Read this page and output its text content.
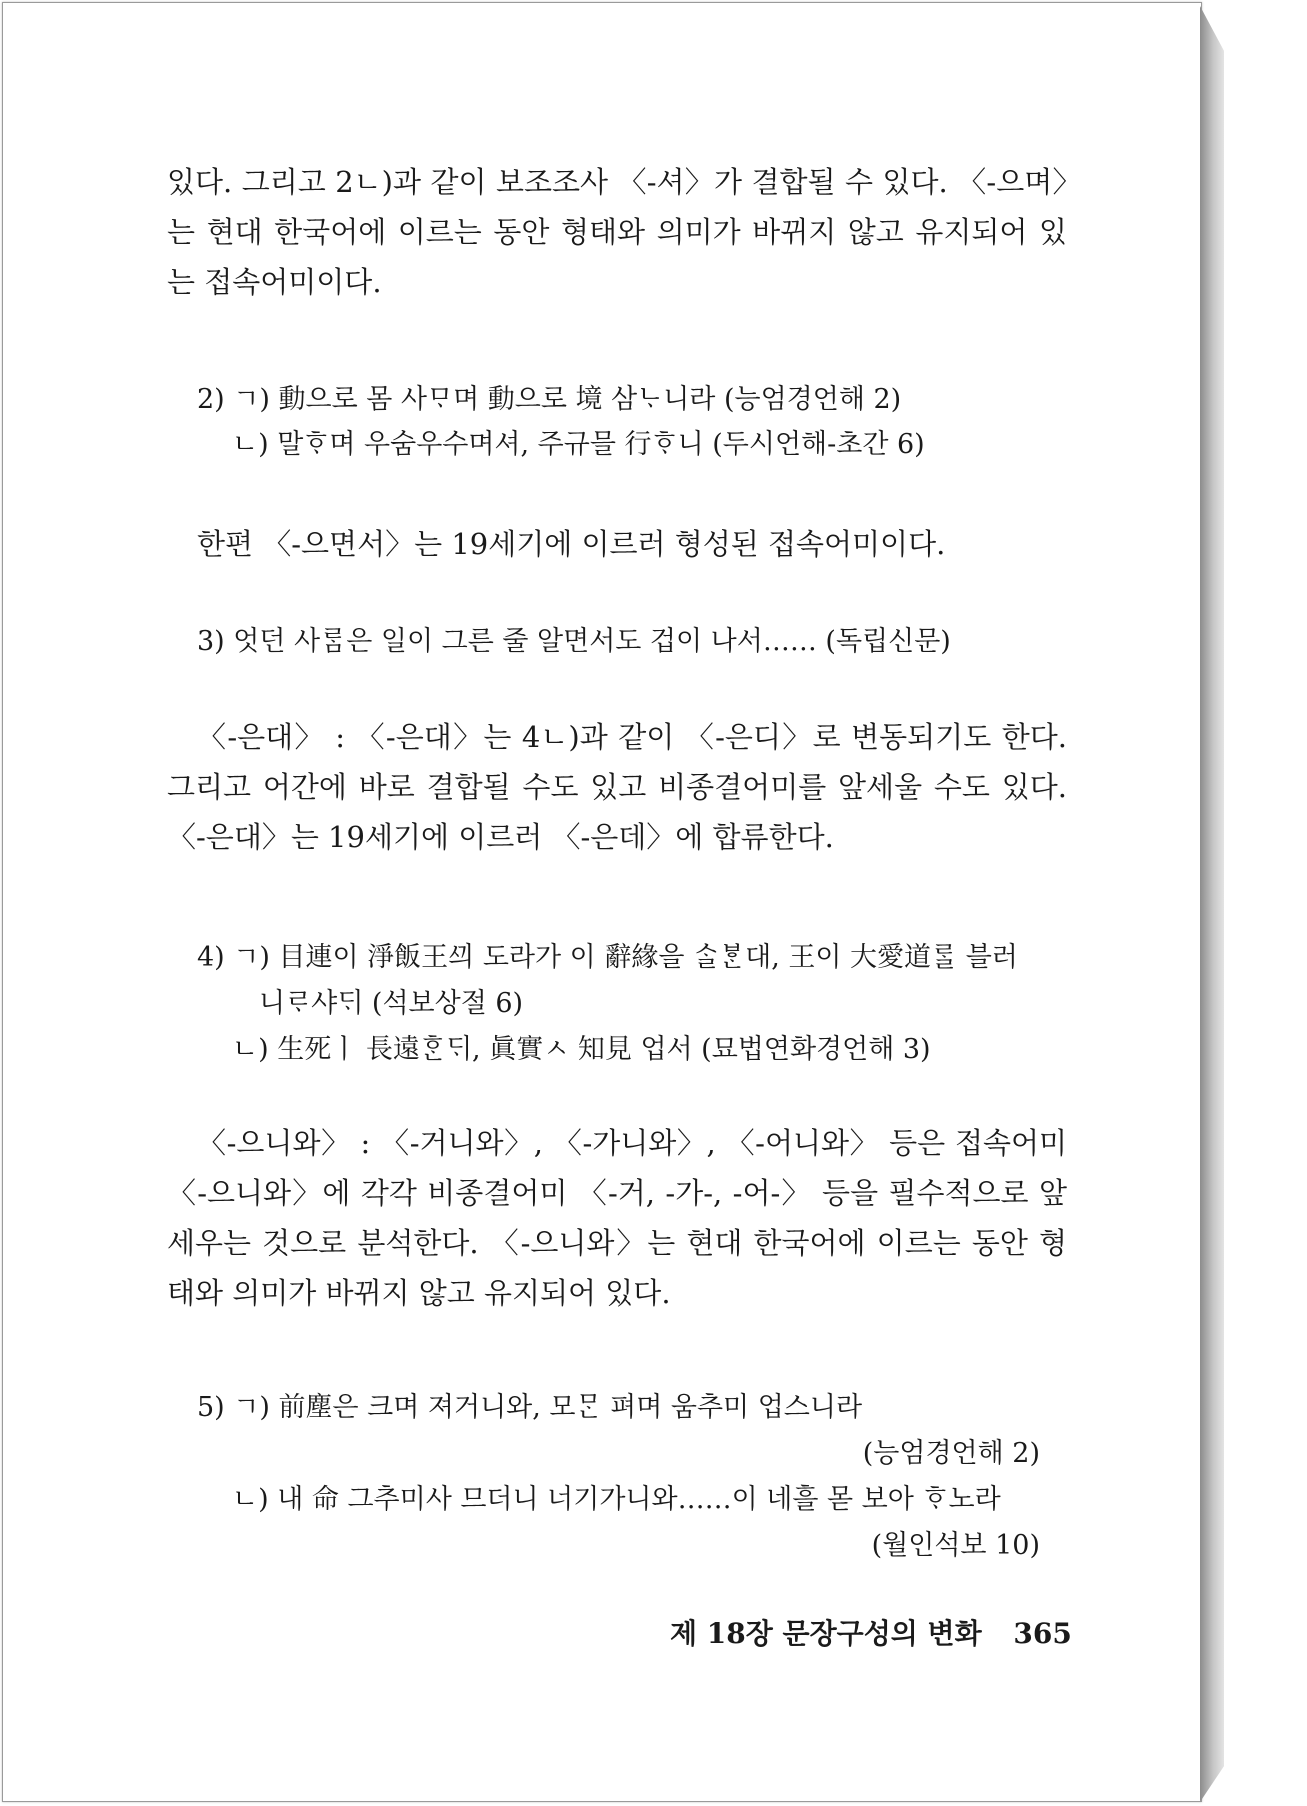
있다. 그리고 2ㄴ)과 같이 보조조사 〈-셔〉가 결합될 수 있다. 〈-으며〉는 현대 한국어에 이르는 동안 형태와 의미가 바뀌지 않고 유지되어 있는 접속어미이다.

2) ㄱ) 動으로 몸 사ᄆᆞ며 動으로 境 삼ᄂᆞ니라 (능엄경언해 2)
ㄴ) 말ᄒᆞ며 우숨우수며셔, 주규믈 行ᄒᆞ니 (두시언해-초간 6)

한편 〈-으면서〉는 19세기에 이르러 형성된 접속어미이다.

3) 엇던 사ᄅᆞᆷ은 일이 그른 줄 알면서도 겁이 나서…… (독립신문)

〈-은대〉 : 〈-은대〉는 4ㄴ)과 같이 〈-은디〉로 변동되기도 한다. 그리고 어간에 바로 결합될 수도 있고 비종결어미를 앞세울 수도 있다. 〈-은대〉는 19세기에 이르러 〈-은데〉에 합류한다.

4) ㄱ) 目連이 淨飯王ᄭᅴ 도라가 이 辭緣을 ᄉᆞᆯᄫᆞᆫ대, 王이 大愛道ᄅᆞᆯ 블러
니ᄅᆞ샤ᄃᆡ (석보상절 6)
ㄴ) 生死ㅣ 長遠ᄒᆞᆫᄃᆡ, 眞實ㅅ 知見 업서 (묘법연화경언해 3)

〈-으니와〉 : 〈-거니와〉, 〈-가니와〉, 〈-어니와〉 등은 접속어미 〈-으니와〉에 각각 비종결어미 〈-거, -가-, -어-〉 등을 필수적으로 앞세우는 것으로 분석한다. 〈-으니와〉는 현대 한국어에 이르는 동안 형태와 의미가 바뀌지 않고 유지되어 있다.

5) ㄱ) 前塵은 크며 져거니와, 모ᄆᆞᆫ 펴며 움추미 업스니라
(능엄경언해 2)
ㄴ) 내 命 그추미사 므더니 너기가니와……이 네흘 몯 보아 ᄒᆞ노라
(월인석보 10)
제 18장 문장구성의 변화 365
